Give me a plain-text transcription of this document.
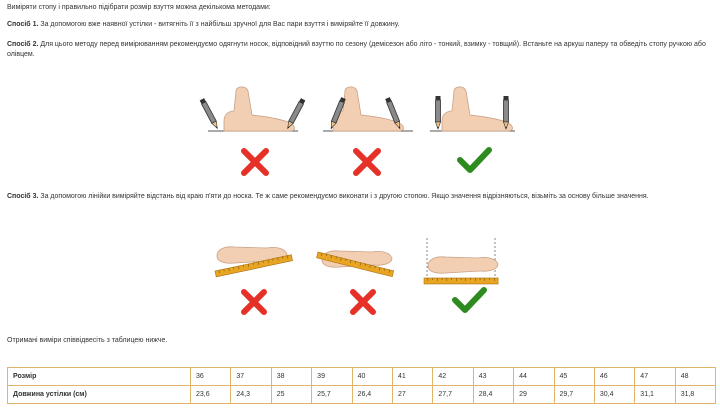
Виміряти стопу і правильно підібрати розмір взуття можна декількома методами:
Спосіб 1. За допомогою вже наявної устілки - витягніть її з найбільш зручної для Вас пари взуття і виміряйте її довжину.
Спосіб 2. Для цього методу перед вимірюванням рекомендуємо одягнути носок, відповідний взуттю по сезону (демісезон або літо - тонкий, взимку - товщий). Встаньте на аркуш паперу та обведіть стопу ручкою або олівцем.
Спосіб 3. За допомогою лінійки виміряйте відстань від краю п'яти до носка. Те ж саме рекомендуємо виконати і з другою стопою. Якщо значення відрізняються, візьміть за основу більше значення.
Отримані виміри співвідвесіть з таблицею нижче.
Розмір	36	37	38	39	40	41	42	43	44	45	46	47	48
Довжина устілки (см)	23,6	24,3	25	25,7	26,4	27	27,7	28,4	29	29,7	30,4	31,1	31,8
